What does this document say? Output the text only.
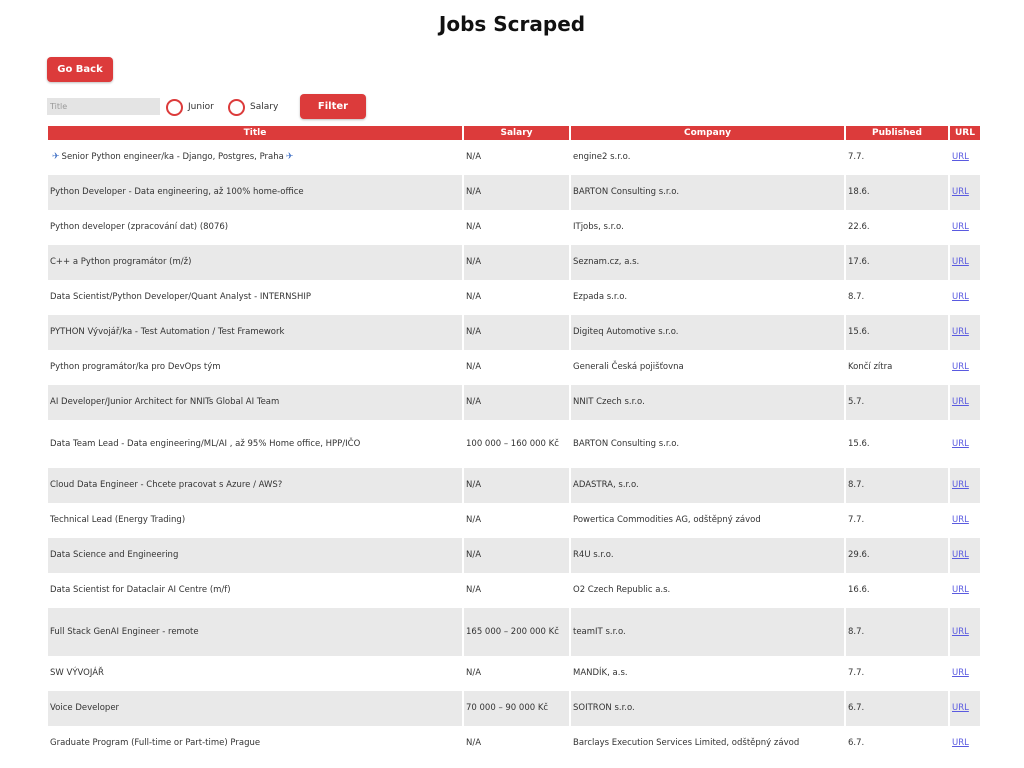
Jobs Scraped
Go Back
Title
Junior	Salary	Filter
Title	Salary	Company	Published	URL
✈ Senior Python engineer/ka - Django, Postgres, Praha ✈	N/A	engine2 s.r.o.	7.7.	URL
Python Developer - Data engineering, až 100% home-office	N/A	BARTON Consulting s.r.o.	18.6.	URL
Python developer (zpracování dat) (8076)	N/A	ITjobs, s.r.o.	22.6.	URL
C++ a Python programátor (m/ž)	N/A	Seznam.cz, a.s.	17.6.	URL
Data Scientist/Python Developer/Quant Analyst - INTERNSHIP	N/A	Ezpada s.r.o.	8.7.	URL
PYTHON Vývojář/ka - Test Automation / Test Framework	N/A	Digiteq Automotive s.r.o.	15.6.	URL
Python programátor/ka pro DevOps tým	N/A	Generali Česká pojišťovna	Končí zítra	URL
AI Developer/Junior Architect for NNITs Global AI Team	N/A	NNIT Czech s.r.o.	5.7.	URL
Data Team Lead - Data engineering/ML/AI , až 95% Home office, HPP/IČO	100 000 – 160 000 Kč	BARTON Consulting s.r.o.	15.6.	URL
Cloud Data Engineer - Chcete pracovat s Azure / AWS?	N/A	ADASTRA, s.r.o.	8.7.	URL
Technical Lead (Energy Trading)	N/A	Powertica Commodities AG, odštěpný závod	7.7.	URL
Data Science and Engineering	N/A	R4U s.r.o.	29.6.	URL
Data Scientist for Dataclair AI Centre (m/f)	N/A	O2 Czech Republic a.s.	16.6.	URL
Full Stack GenAI Engineer - remote	165 000 – 200 000 Kč	teamIT s.r.o.	8.7.	URL
SW VÝVOJÁŘ	N/A	MANDÍK, a.s.	7.7.	URL
Voice Developer	70 000 – 90 000 Kč	SOITRON s.r.o.	6.7.	URL
Graduate Program (Full-time or Part-time) Prague	N/A	Barclays Execution Services Limited, odštěpný závod	6.7.	URL
